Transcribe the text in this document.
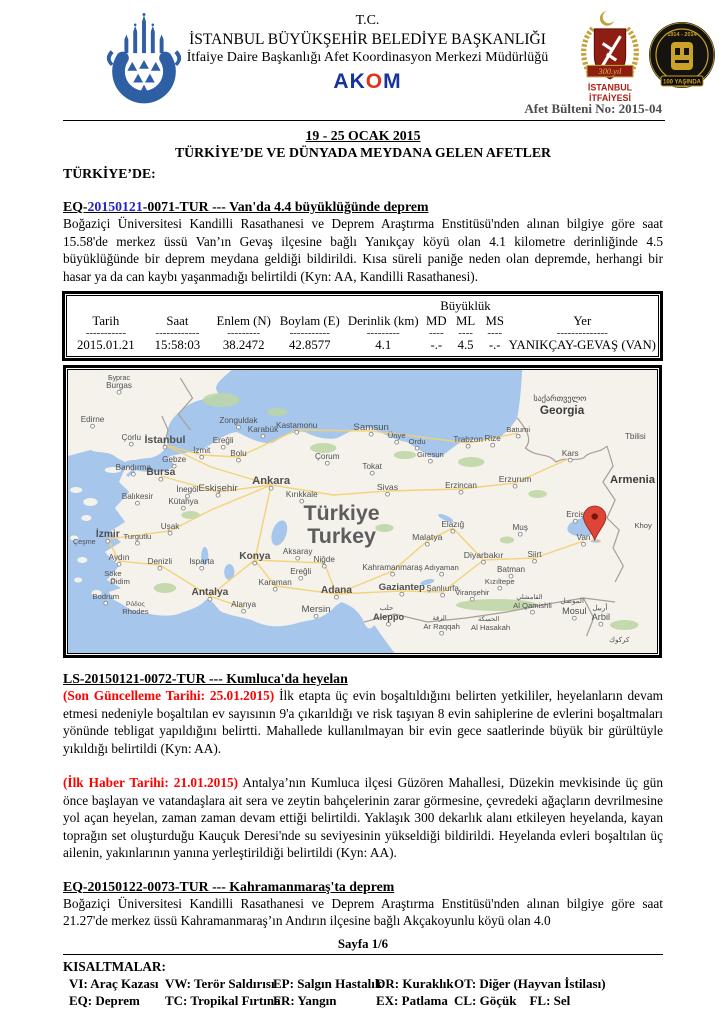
T.C.
İSTANBUL BÜYÜKŞEHİR BELEDİYE BAŞKANLIĞI
İtfaiye Daire Başkanlığı Afet Koordinasyon Merkezi Müdürlüğü
AKOM	300.yıl
İSTANBUL
İTFAİYESİ
1914 - 2014
100 YAŞINDA
Afet Bülteni No: 2015-04
19 - 25 OCAK 2015
TÜRKİYE’DE VE DÜNYADA MEYDANA GELEN AFETLER
TÜRKİYE’DE:
EQ-20150121-0071-TUR --- Van'da 4.4 büyüklüğünde deprem

Boğaziçi Üniversitesi Kandilli Rasathanesi ve Deprem Araştırma Enstitüsü'nden alınan bilgiye göre saat 15.58'de merkez üssü Van’ın Gevaş ilçesine bağlı Yanıkçay köyü olan 4.1 kilometre derinliğinde 4.5 büyüklüğünde bir deprem meydana geldiği bildirildi. Kısa süreli paniğe neden olan depremde, herhangi bir hasar ya da can kaybı yaşanmadığı belirtildi (Kyn: AA, Kandilli Rasathanesi).

					Büyüklük			
Tarih	Saat	Enlem (N)	Boylam (E)	Derinlik (km)	MD	ML	MS	Yer
-----------	------------	---------	-----------	---------	----	----	----	--------------
2015.01.21	15:58:03	38.2472	42.8577	4.1	-.-	4.5	-.-	YANIKÇAY-GEVAŞ (VAN)
Бургас
Burgas
Edirne
Çorlu İstanbul
İzmit
Gebze
Bandırma
Bursa
İnegöl Eskişehir
Kütahya
Balıkesir
Zonguldak
Karabük
Ereğli
Bolu
Kastamonu
Çorum
Tokat
Ankara
Kırıkkale
Samsun
Ünye
Ordu
Giresun
Trabzon Rize
Batumi
Kars
Erzurum
Erzincan
Sivas
Elazığ
Malatya
Muş
Erciş
Van
Diyarbakır	Siirt
Batman
Kahramanmaraş Adıyaman
Gaziantep Şanlıurfa
Kızıltepe
Viranşehir
İzmir Turgutlu
Çeşme
Uşak
Aydın Denizli Isparta
Söke
Didim
Bodrum
Ρόδος
Rhodes
Antalya
Alanya
Konya Aksaray
Niğde
Ereğli
Karaman
Adana
Mersin
Türkiye
Turkey
საქართველო
Georgia
Tbilisi
Armenia
Khoy
حلب
Aleppo	الرقة
Ar Raqqah
الحسكة
Al Hasakah
القامشلي
Al Qamishli الموصل
Mosul أربيل
Arbil
كركوك
LS-20150121-0072-TUR --- Kumluca'da heyelan

(Son Güncelleme Tarihi: 25.01.2015) İlk etapta üç evin boşaltıldığını belirten yetkililer, heyelanların devam etmesi nedeniyle boşaltılan ev sayısının 9'a çıkarıldığı ve risk taşıyan 8 evin sahiplerine de evlerini boşaltmaları yönünde tebligat yapıldığını belirtti. Mahallede kullanılmayan bir evin gece saatlerinde büyük bir gürültüyle yıkıldığı belirtildi (Kyn: AA).

(İlk Haber Tarihi: 21.01.2015) Antalya’nın Kumluca ilçesi Güzören Mahallesi, Düzekin mevkisinde üç gün önce başlayan ve vatandaşlara ait sera ve zeytin bahçelerinin zarar görmesine, çevredeki ağaçların devrilmesine yol açan heyelan, zaman zaman devam ettiği belirtildi. Yaklaşık 300 dekarlık alanı etkileyen heyelanda, kayan toprağın set oluşturduğu Kauçuk Deresi'nde su seviyesinin yükseldiği bildirildi. Heyelanda evleri boşaltılan üç ailenin, yakınlarının yanına yerleştirildiği belirtildi (Kyn: AA).

EQ-20150122-0073-TUR --- Kahramanmaraş'ta deprem

Boğaziçi Üniversitesi Kandilli Rasathanesi ve Deprem Araştırma Enstitüsü'nden alınan bilgiye göre saat 21.27'de merkez üssü Kahramanmaraş’ın Andırın ilçesine bağlı Akçakoyunlu köyü olan 4.0

Sayfa 1/6
KISALTMALAR:
VI: Araç Kazası VW: Terör Saldırısı
EP: Salgın Hastalık
DR: Kuraklık OT: Diğer (Hayvan İstilası)
EQ: Deprem	TC: Tropikal Fırtına
FR: Yangın	EX: Patlama CL: Göçük    FL: Sel
